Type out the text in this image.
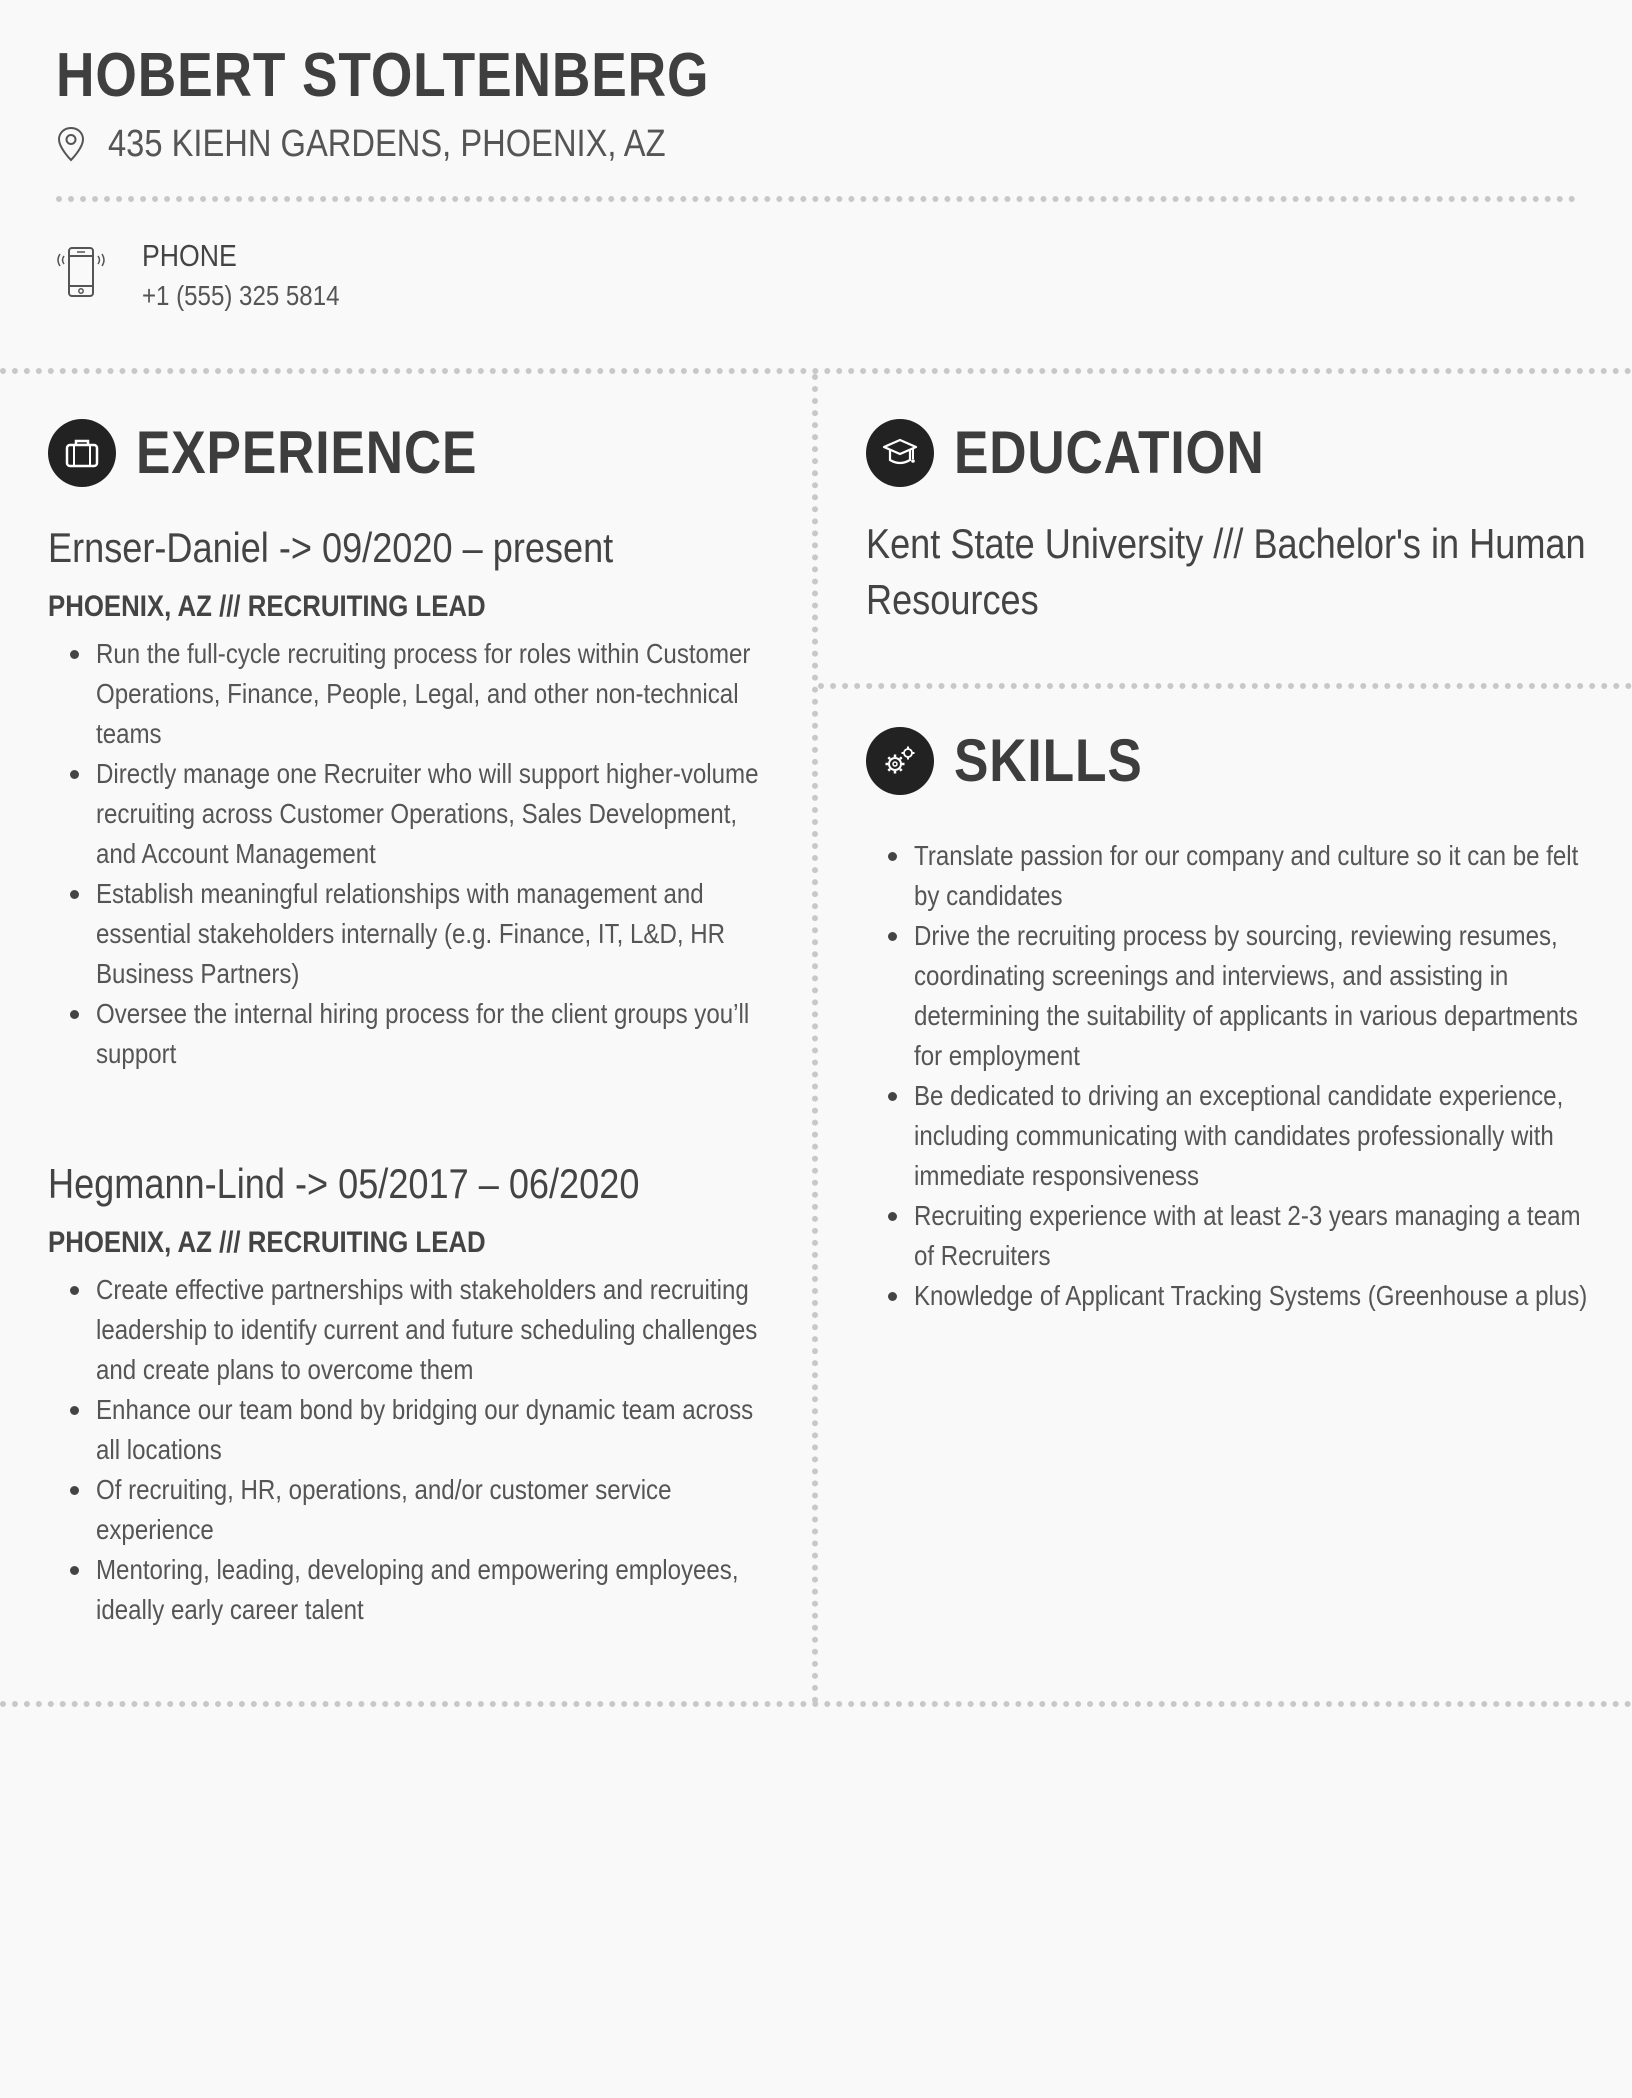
HOBERT STOLTENBERG
435 KIEHN GARDENS, PHOENIX, AZ
PHONE
+1 (555) 325 5814
EXPERIENCE
Ernser-Daniel -> 09/2020 – present
PHOENIX, AZ /// RECRUITING LEAD
Run the full-cycle recruiting process for roles within Customer Operations, Finance, People, Legal, and other non-technical teams
Directly manage one Recruiter who will support higher-volume recruiting across Customer Operations, Sales Development, and Account Management
Establish meaningful relationships with management and essential stakeholders internally (e.g. Finance, IT, L&D, HR Business Partners)
Oversee the internal hiring process for the client groups you’ll support
Hegmann-Lind -> 05/2017 – 06/2020
PHOENIX, AZ /// RECRUITING LEAD
Create effective partnerships with stakeholders and recruiting leadership to identify current and future scheduling challenges and create plans to overcome them
Enhance our team bond by bridging our dynamic team across all locations
Of recruiting, HR, operations, and/or customer service experience
Mentoring, leading, developing and empowering employees, ideally early career talent
EDUCATION
Kent State University /// Bachelor's in Human Resources
SKILLS
Translate passion for our company and culture so it can be felt by candidates
Drive the recruiting process by sourcing, reviewing resumes, coordinating screenings and interviews, and assisting in determining the suitability of applicants in various departments for employment
Be dedicated to driving an exceptional candidate experience, including communicating with candidates professionally with immediate responsiveness
Recruiting experience with at least 2-3 years managing a team of Recruiters
Knowledge of Applicant Tracking Systems (Greenhouse a plus)
